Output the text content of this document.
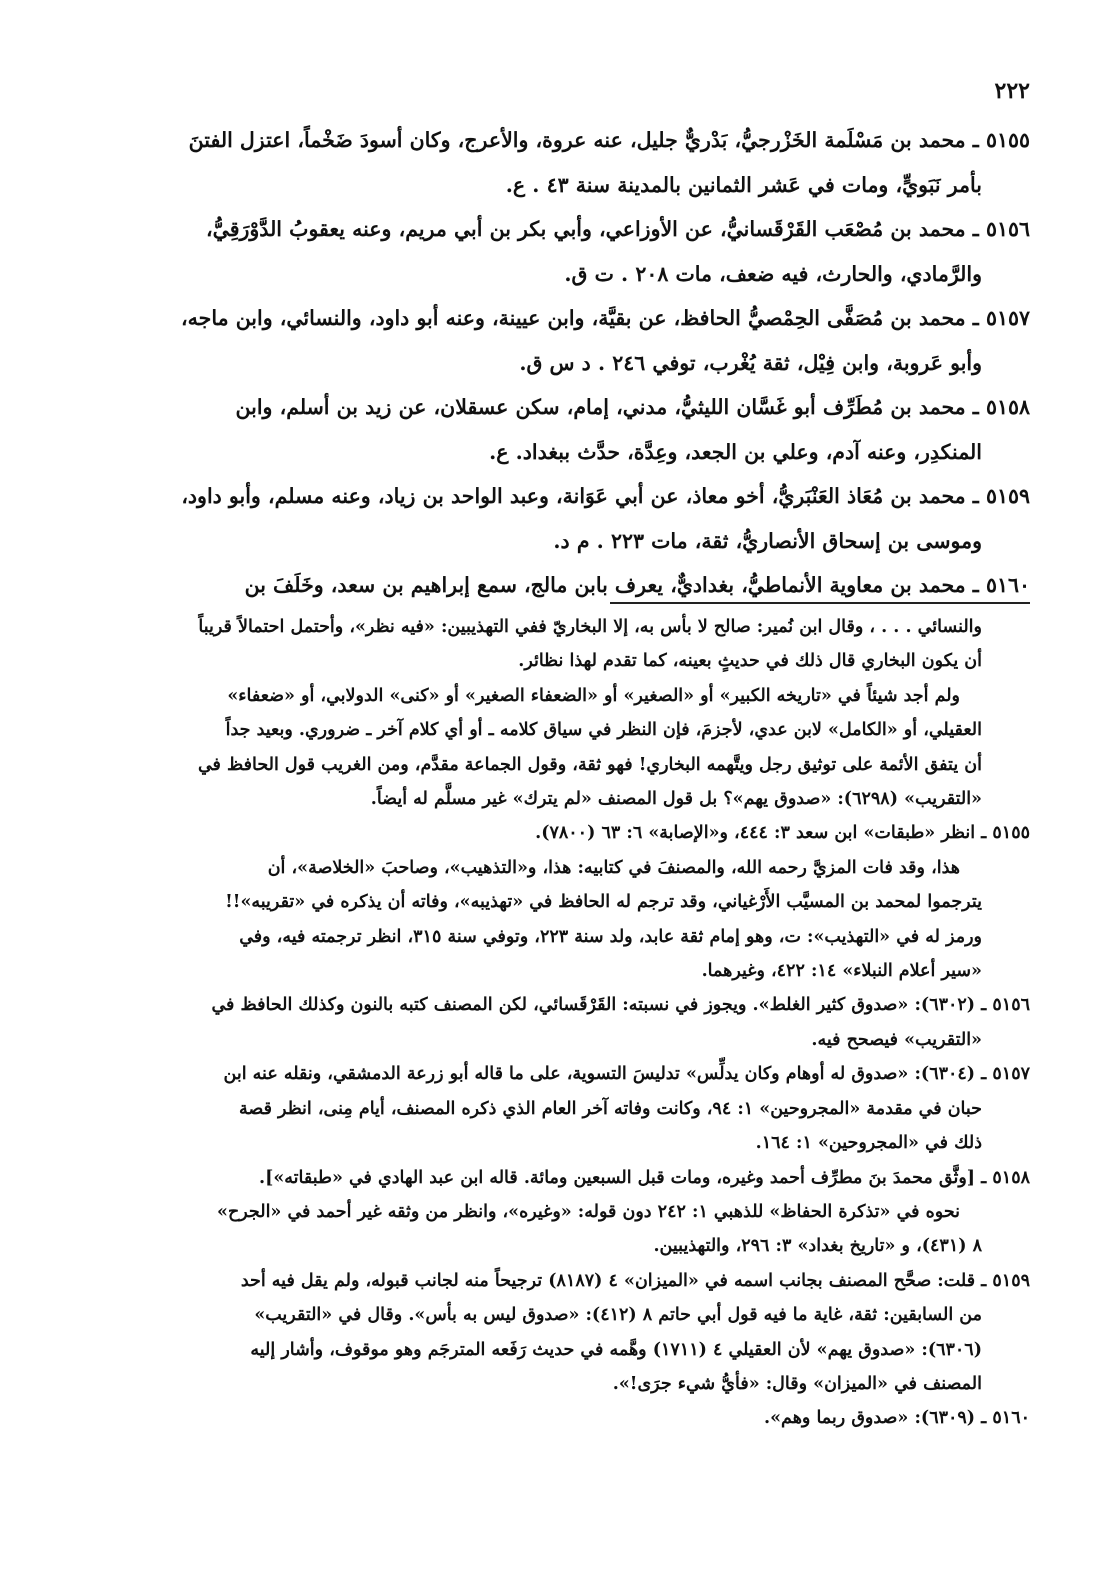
٢٢٢
٥١٥٥ ـ محمد بن مَسْلَمة الخَزْرجيُّ، بَدْريٌّ جليل، عنه عروة، والأعرج، وكان أسودَ ضَخْماً، اعتزل الفتنَ
بأمر نَبَويٍّ، ومات في عَشر الثمانين بالمدينة سنة ٤٣ . ع.
٥١٥٦ ـ محمد بن مُصْعَب القَرْقَسانيُّ، عن الأوزاعي، وأبي بكر بن أبي مريم، وعنه يعقوبُ الدَّوْرَقِيُّ،
والرَّمادي، والحارث، فيه ضعف، مات ٢٠٨ . ت ق.
٥١٥٧ ـ محمد بن مُصَفَّى الحِمْصيُّ الحافظ، عن بقيَّة، وابن عيينة، وعنه أبو داود، والنسائي، وابن ماجه،
وأبو عَروبة، وابن فِيْل، ثقة يُغْرب، توفي ٢٤٦ . د س ق.
٥١٥٨ ـ محمد بن مُطَرِّف أبو غَسَّان الليثيُّ، مدني، إمام، سكن عسقلان، عن زيد بن أسلم، وابن
المنكدِر، وعنه آدم، وعلي بن الجعد، وعِدَّة، حدَّث ببغداد. ع.
٥١٥٩ ـ محمد بن مُعَاذ العَنْبَريُّ، أخو معاذ، عن أبي عَوَانة، وعبد الواحد بن زياد، وعنه مسلم، وأبو داود،
وموسى بن إسحاق الأنصاريُّ، ثقة، مات ٢٢٣ . م د.
٥١٦٠ ـ محمد بن معاوية الأنماطيُّ، بغداديٌّ، يعرف بابن مالج، سمع إبراهيم بن سعد، وخَلَفَ بن
والنسائي . . . ، وقال ابن نُمير: صالح لا بأس به، إلا البخاريّ ففي التهذيبين: «فيه نظر»، وأحتمل احتمالاً قريباً
أن يكون البخاري قال ذلك في حديثٍ بعينه، كما تقدم لهذا نظائر.
ولم أجد شيئاً في «تاريخه الكبير» أو «الصغير» أو «الضعفاء الصغير» أو «كنى» الدولابي، أو «ضعفاء»
العقيلي، أو «الكامل» لابن عدي، لأجزمَ، فإن النظر في سياق كلامه ـ أو أي كلام آخر ـ ضروري. وبعيد جداً
أن يتفق الأئمة على توثيق رجل ويتَّهمه البخاري! فهو ثقة، وقول الجماعة مقدَّم، ومن الغريب قول الحافظ في
«التقريب» (٦٢٩٨): «صدوق يهم»؟ بل قول المصنف «لم يترك» غير مسلَّم له أيضاً.
٥١٥٥ ـ انظر «طبقات» ابن سعد ٣: ٤٤٤، و«الإصابة» ٦: ٦٣ (٧٨٠٠).
هذا، وقد فات المزيَّ رحمه الله، والمصنفَ في كتابيه: هذا، و«التذهيب»، وصاحبَ «الخلاصة»، أن
يترجموا لمحمد بن المسيَّب الأَرْغياني، وقد ترجم له الحافظ في «تهذيبه»، وفاته أن يذكره في «تقريبه»!!
ورمز له في «التهذيب»: ت، وهو إمام ثقة عابد، ولد سنة ٢٢٣، وتوفي سنة ٣١٥، انظر ترجمته فيه، وفي
«سير أعلام النبلاء» ١٤: ٤٢٢، وغيرهما.
٥١٥٦ ـ (٦٣٠٢): «صدوق كثير الغلط». ويجوز في نسبته: القَرْقَسائي، لكن المصنف كتبه بالنون وكذلك الحافظ في
«التقريب» فيصحح فيه.
٥١٥٧ ـ (٦٣٠٤): «صدوق له أوهام وكان يدلِّس» تدليسَ التسوية، على ما قاله أبو زرعة الدمشقي، ونقله عنه ابن
حبان في مقدمة «المجروحين» ١: ٩٤، وكانت وفاته آخر العام الذي ذكره المصنف، أيام مِنى، انظر قصة
ذلك في «المجروحين» ١: ١٦٤.
٥١٥٨ ـ [وثَّق محمدَ بنَ مطرِّف أحمد وغيره، ومات قبل السبعين ومائة. قاله ابن عبد الهادي في «طبقاته»].
نحوه في «تذكرة الحفاظ» للذهبي ١: ٢٤٢ دون قوله: «وغيره»، وانظر من وثقه غير أحمد في «الجرح»
٨ (٤٣١)، و «تاريخ بغداد» ٣: ٢٩٦، والتهذيبين.
٥١٥٩ ـ قلت: صحَّح المصنف بجانب اسمه في «الميزان» ٤ (٨١٨٧) ترجيحاً منه لجانب قبوله، ولم يقل فيه أحد
من السابقين: ثقة، غاية ما فيه قول أبي حاتم ٨ (٤١٢): «صدوق ليس به بأس». وقال في «التقريب»
(٦٣٠٦): «صدوق يهم» لأن العقيلي ٤ (١٧١١) وهَّمه في حديث رَفَعه المترجَم وهو موقوف، وأشار إليه
المصنف في «الميزان» وقال: «فأيُّ شيء جرَى!».
٥١٦٠ ـ (٦٣٠٩): «صدوق ربما وهم».
